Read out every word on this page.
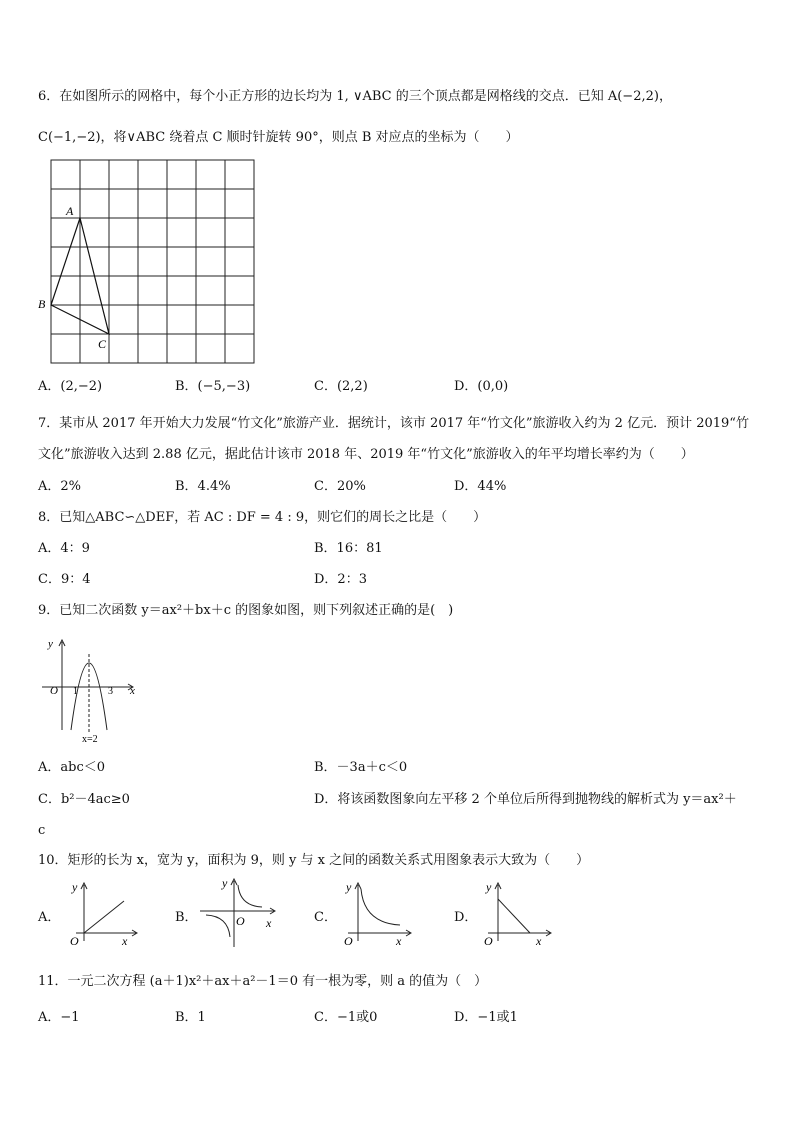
6．在如图所示的网格中，每个小正方形的边长均为 1, ∨ABC 的三个顶点都是网格线的交点．已知 A(−2,2)，
C(−1,−2)，将∨ABC 绕着点 C 顺时针旋转 90°，则点 B 对应点的坐标为（　　）
A
B
C
A．(2,−2)	B．(−5,−3)	C．(2,2)	D．(0,0)
7．某市从 2017 年开始大力发展“竹文化”旅游产业．据统计，该市 2017 年“竹文化”旅游收入约为 2 亿元．预计 2019“竹
文化”旅游收入达到 2.88 亿元，据此估计该市 2018 年、2019 年“竹文化”旅游收入的年平均增长率约为（　　）
A．2%	B．4.4%	C．20%	D．44%
8．已知△ABC∽△DEF，若 AC : DF = 4 : 9，则它们的周长之比是（　　）
A．4：9	B．16：81
C．9：4	D．2：3
9．已知二次函数 y＝ax²＋bx＋c 的图象如图，则下列叙述正确的是(　)
y
O 1	3 x
x=2
A．abc＜0	B．－3a＋c＜0
C．b²－4ac≥0	D．将该函数图象向左平移 2 个单位后所得到抛物线的解析式为 y＝ax²＋
c
10．矩形的长为 x，宽为 y，面积为 9，则 y 与 x 之间的函数关系式用图象表示大致为（　　）
A．
y
O	x
B．
y
O x	C．
y
O	x
D．
y
O	x
11．一元二次方程 (a＋1)x²＋ax＋a²－1＝0 有一根为零，则 a 的值为（　）
A．−1	B．1	C．−1或0	D．−1或1
